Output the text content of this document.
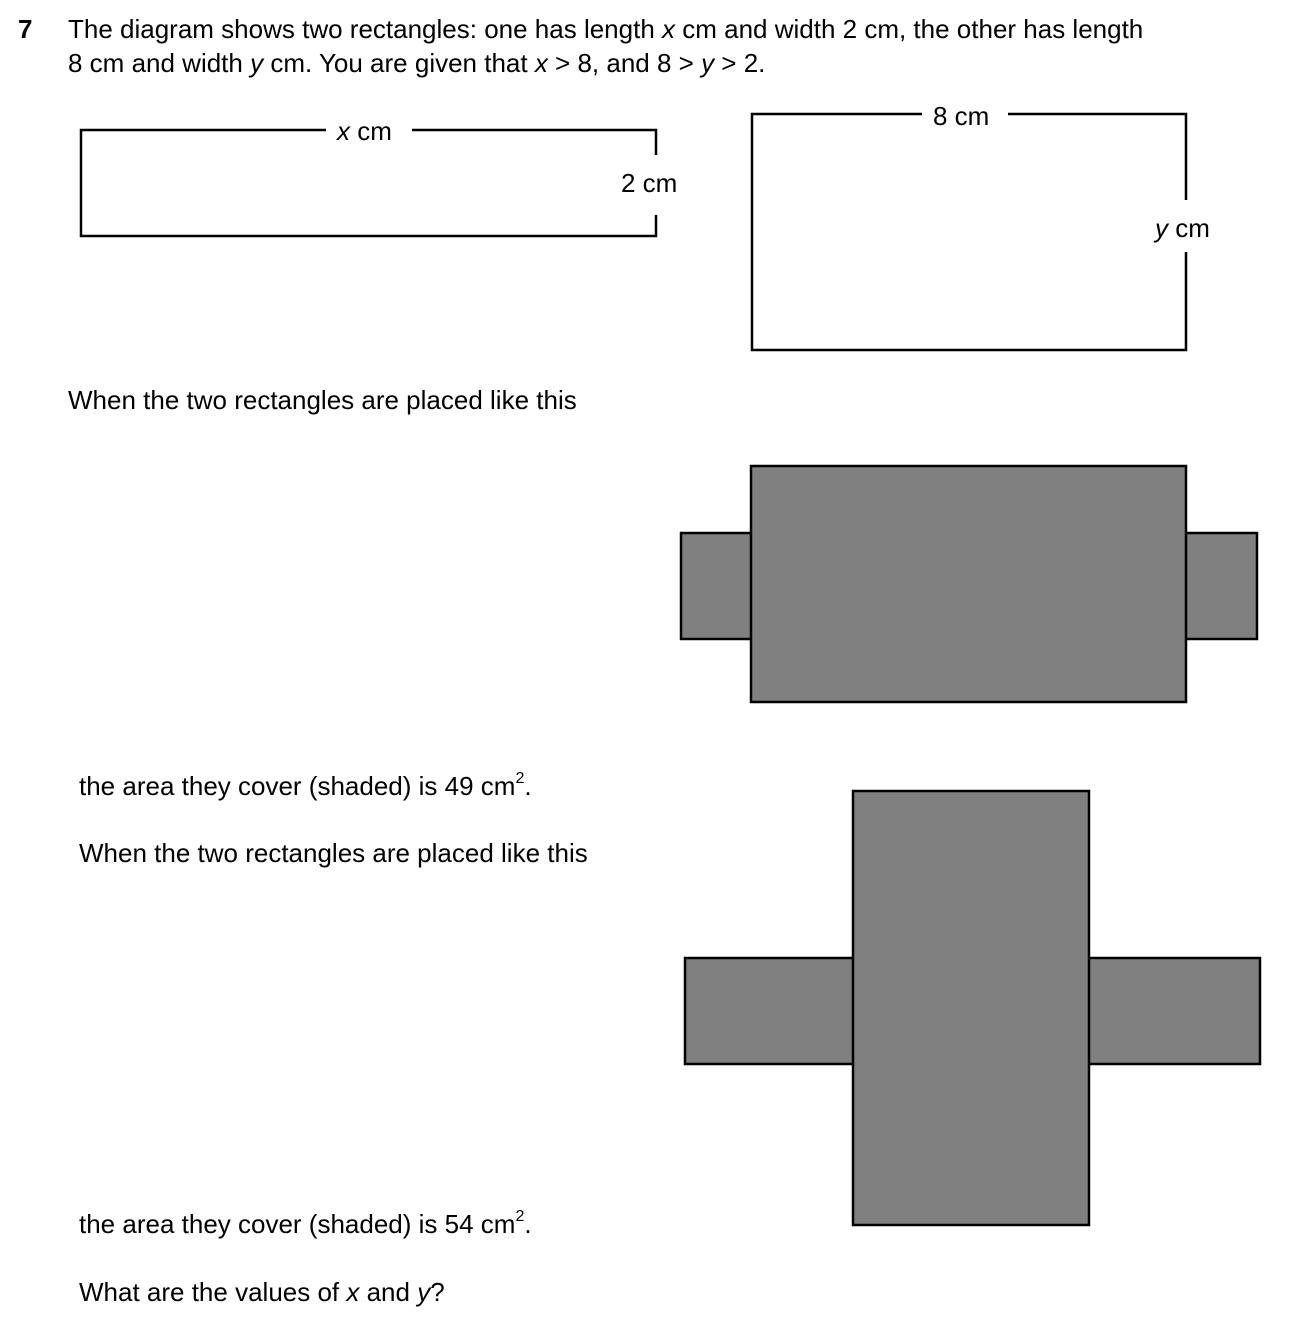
7 The diagram shows two rectangles: one has length x cm and width 2 cm, the other has length
8 cm and width y cm. You are given that x > 8, and 8 > y > 2.
x cm
2 cm
8 cm
y cm
When the two rectangles are placed like this
the area they cover (shaded) is 49 $cm^2$.
When the two rectangles are placed like this
the area they cover (shaded) is 54 $cm^2$.
What are the values of x and y?
